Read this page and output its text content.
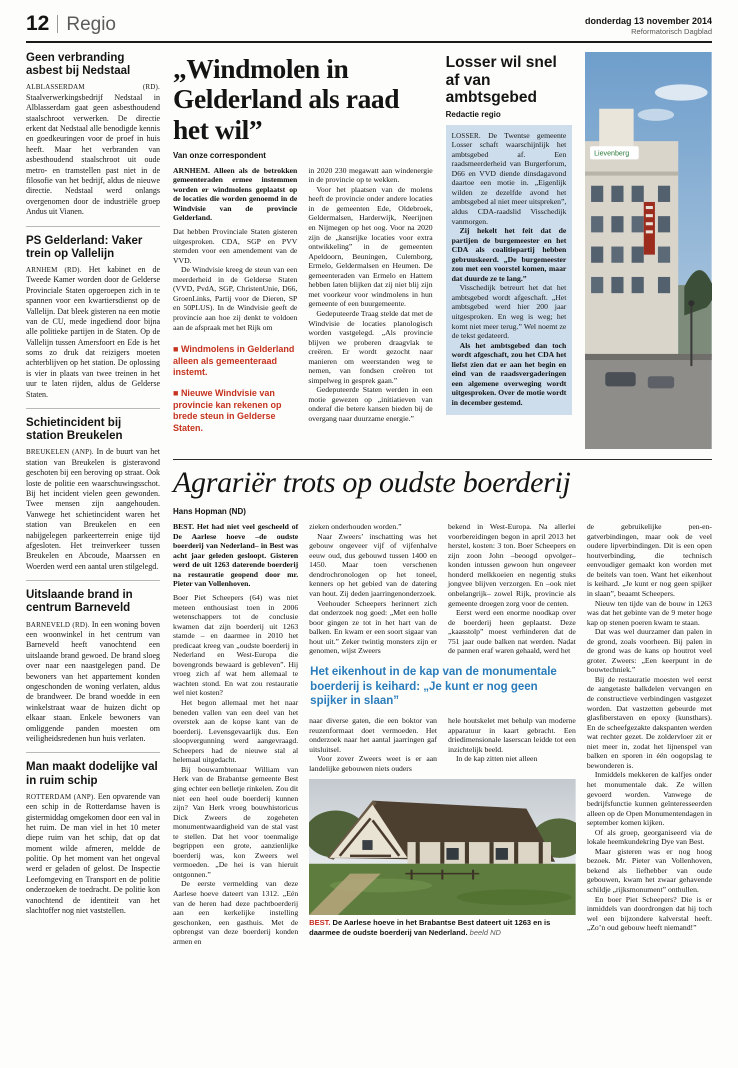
12 Regio	donderdag 13 november 2014
Reformatorisch Dagblad
Geen verbranding asbest bij Nedstaal

ALBLASSERDAM (RD). Staalverwerkingsbedrijf Nedstaal in Alblasserdam gaat geen asbesthoudend staalschroot verwerken. De directie erkent dat Nedstaal alle benodigde kennis en goedkeuringen voor de proef in huis heeft. Maar het verbranden van asbesthoudend staalschroot uit oude metro- en tramstellen past niet in de filosofie van het bedrijf, aldus de nieuwe directie. Nedstaal werd onlangs overgenomen door de industriële groep Andus uit Vianen.

PS Gelderland: Vaker trein op Vallelijn

ARNHEM (RD). Het kabinet en de Tweede Kamer worden door de Gelderse Provinciale Staten opgeroepen zich in te spannen voor een kwartiersdienst op de Vallelijn. Dat bleek gisteren na een motie van de CU, mede ingediend door bijna alle politieke partijen in de Staten. Op de Vallelijn tussen Amersfoort en Ede is het soms zo druk dat reizigers moeten achterblijven op het station. De oplossing is vier in plaats van twee treinen in het uur te laten rijden, aldus de Gelderse Staten.

Schietincident bij station Breukelen

BREUKELEN (ANP). In de buurt van het station van Breukelen is gisteravond geschoten bij een beroving op straat. Ook loste de politie een waarschuwingsschot. Bij het incident vielen geen gewonden. Twee mensen zijn aangehouden. Vanwege het schietincident waren het station van Breukelen en een nabijgelegen parkeerterrein enige tijd afgesloten. Het treinverkeer tussen Breukelen en Abcoude, Maarssen en Woerden werd een aantal uren stilgelegd.

Uitslaande brand in centrum Barneveld

BARNEVELD (RD). In een woning boven een woonwinkel in het centrum van Barneveld heeft vanochtend een uitslaande brand gewoed. De brand sloeg over naar een naastgelegen pand. De bewoners van het appartement konden ongeschonden de woning verlaten, aldus de brandweer. De brand woedde in een winkelstraat waar de huizen dicht op elkaar staan. Enkele bewoners van omliggende panden moesten om veiligheidsredenen hun huis verlaten.

Man maakt dodelijke val in ruim schip

ROTTERDAM (ANP). Een opvarende van een schip in de Rotterdamse haven is gistermiddag omgekomen door een val in het ruim. De man viel in het 10 meter diepe ruim van het schip, dat op dat moment wilde afmeren, meldde de politie. Op het moment van het ongeval werd er geladen of gelost. De Inspectie Leefomgeving en Transport en de politie onderzoeken de toedracht. De politie kon vanochtend de identiteit van het slachtoffer nog niet vaststellen.

„Windmolen in Gelderland als raad het wil”
Van onze correspondent

ARNHEM. Alleen als de betrokken gemeenteraden ermee instemmen worden er windmolens geplaatst op de locaties die worden genoemd in de Windvisie van de provincie Gelderland.

Dat hebben Provinciale Staten gisteren uitgesproken. CDA, SGP en PVV stemden voor een amendement van de VVD.

De Windvisie kreeg de steun van een meerderheid in de Gelderse Staten (VVD, PvdA, SGP, ChristenUnie, D66, GroenLinks, Partij voor de Dieren, SP en 50PLUS). In de Windvisie geeft de provincie aan hoe zij denkt te voldoen aan de afspraak met het Rijk om

■ Windmolens in Gelderland alleen als gemeenteraad instemt.

■ Nieuwe Windvisie van provincie kan rekenen op brede steun in Gelderse Staten.

in 2020 230 megawatt aan windenergie in de provincie op te wekken.

Voor het plaatsen van de molens heeft de provincie onder andere locaties in de gemeenten Ede, Oldebroek, Geldermalsen, Harderwijk, Neerijnen en Nijmegen op het oog. Voor na 2020 zijn de „kansrijke locaties voor extra ontwikkeling” in de gemeenten Apeldoorn, Beuningen, Culemborg, Ermelo, Geldermalsen en Heumen. De gemeenteraden van Ermelo en Hattem hebben laten blijken dat zij niet blij zijn met voorkeur voor windmolens in hun gemeente of een buurgemeente.

Gedeputeerde Traag stelde dat met de Windvisie de locaties planologisch worden vastgelegd. „Als provincie blijven we proberen draagvlak te creëren. Er wordt gezocht naar manieren om weerstanden weg te nemen, van fondsen creëren tot simpelweg in gesprek gaan.”

Gedeputeerde Staten werden in een motie gewezen op „initiatieven van onderaf die betere kansen bieden bij de overgang naar duurzame energie.”

Losser wil snel af van ambtsgebed
Redactie regio

LOSSER. De Twentse gemeente Losser schaft waarschijnlijk het ambtsgebed af. Een raadsmeerderheid van Burgerforum, D66 en VVD diende dinsdagavond daartoe een motie in. „Eigenlijk wilden ze dezelfde avond het ambtsgebed al niet meer uitspreken”, aldus CDA-raadslid Visschedijk vanmorgen.

Zij hekelt het feit dat de partijen de burgemeester en het CDA als coalitiepartij hebben gebruuskeerd. „De burgemeester zou met een voorstel komen, maar dat duurde ze te lang.”

Visschedijk betreurt het dat het ambtsgebed wordt afgeschaft. „Het ambtsgebed werd hier 200 jaar uitgesproken. En weg is weg; het komt niet meer terug.” Wel noemt ze de tekst gedateerd.

Als het ambtsgebed dan toch wordt afgeschaft, zou het CDA het liefst zien dat er aan het begin en eind van de raadsvergaderingen een algemene overweging wordt uitgesproken. Over de motie wordt in december gestemd.

Lievenberg
Agrariër trots op oudste boerderij
Hans Hopman (ND)

BEST. Het had niet veel gescheeld of De Aarlese hoeve –de oudste boerderij van Nederland– in Best was acht jaar geleden gesloopt. Gisteren werd de uit 1263 daterende boerderij na restauratie geopend door mr. Pieter van Vollenhoven.

Boer Piet Scheepers (64) was niet meteen enthousiast toen in 2006 wetenschappers tot de conclusie kwamen dat zijn boerderij uit 1263 stamde – en daarmee in 2010 het predicaat kreeg van „oudste boerderij in Nederland en West-Europa die bovengronds bewaard is gebleven”. Hij vroeg zich af wat hem allemaal te wachten stond. En wat zou restauratie wel niet kosten?

Het begon allemaal met het naar beneden vallen van een deel van het overstek aan de kopse kant van de boerderij. Levensgevaarlijk dus. Een sloopvergunning werd aangevraagd. Scheepers had de nieuwe stal al helemaal uitgedacht.

Bij bouwambtenaar William van Herk van de Brabantse gemeente Best ging echter een belletje rinkelen. Zou dit niet een heel oude boerderij kunnen zijn? Van Herk vroeg bouwhistoricus Dick Zweers de zogeheten monumentwaardigheid van de stal vast te stellen. Dat het voor toenmalige begrippen een grote, aanzienlijke boerderij was, kon Zweers wel vermoeden. „De hei is van hieruit ontgonnen.”

De eerste vermelding van deze Aarlese hoeve dateert van 1312. „Eén van de heren had deze pachtboerderij aan een kerkelijke instelling geschonken, een gasthuis. Met de opbrengst van deze boerderij konden armen en

zieken onderhouden worden.”

Naar Zweers’ inschatting was het gebouw ongeveer vijf of vijfenhalve eeuw oud, dus gebouwd tussen 1400 en 1450. Maar toen verschenen dendrochronologen op het toneel, kenners op het gebied van de datering van hout. Zij deden jaarringenonderzoek.

Veehouder Scheepers herinnert zich dat onderzoek nog goed: „Met een holle boor gingen ze tot in het hart van de balken. En kwam er een soort sigaar van hout uit.” Zeker twintig monsters zijn er genomen, wijst Zweers

bekend in West-Europa. Na allerlei voorbereidingen begon in april 2013 het herstel, kosten: 3 ton. Boer Scheepers en zijn zoon John –beoogd opvolger– konden intussen gewoon hun ongeveer honderd melkkoeien en negentig stuks jongvee blijven verzorgen. En –ook niet onbelangrijk– zowel Rijk, provincie als gemeente droegen zorg voor de centen.

Eerst werd een enorme noodkap over de boerderij heen geplaatst. Deze „kaasstolp” moest verhinderen dat de 751 jaar oude balken nat werden. Nadat de pannen eraf waren gehaald, werd het

Het eikenhout in de kap van de monumentale boerderij is keihard: „Je kunt er nog geen spijker in slaan”

naar diverse gaten, die een boktor van reuzenformaat doet vermoeden. Het onderzoek naar het aantal jaarringen gaf uitsluitsel.

Voor zover Zweers weet is er aan landelijke gebouwen niets ouders

hele houtskelet met behulp van moderne apparatuur in kaart gebracht. Een driedimensionale laserscan leidde tot een inzichtelijk beeld.

In de kap zitten niet alleen

BEST. De Aarlese hoeve in het Brabantse Best dateert uit 1263 en is daarmee de oudste boerderij van Nederland. beeld ND

de gebruikelijke pen-en-gatverbindingen, maar ook de veel oudere lipverbindingen. Dit is een open houtverbinding, die technisch eenvoudiger gemaakt kon worden met de beitels van toen. Want het eikenhout is keihard. „Je kunt er nog geen spijker in slaan”, beaamt Scheepers.

Nieuw ten tijde van de bouw in 1263 was dat het gebinte van de 9 meter hoge kap op stenen poeren kwam te staan.

Dat was wel duurzamer dan palen in de grond, zoals voorheen. Bij palen in de grond was de kans op houtrot veel groter. Zweers: „Een keerpunt in de bouwtechniek.”

Bij de restauratie moesten wel eerst de aangetaste balkdelen vervangen en de constructieve verbindingen vastgezet worden. Dat vastzetten gebeurde met glasfiberstaven en epoxy (kunsthars). En de scheefgezakte dakspanten werden wat rechter gezet. De zoldervloer zit er niet meer in, zodat het lijnenspel van balken en sporen in één oogopslag te bewonderen is.

Inmiddels mekkeren de kalfjes onder het monumentale dak. Ze willen gevoerd worden. Vanwege de bedrijfsfunctie kunnen geïnteresseerden alleen op de Open Monumentendagen in september komen kijken.

Of als groep, georganiseerd via de lokale heemkundekring Dye van Best.

Maar gisteren was er nog hoog bezoek. Mr. Pieter van Vollenhoven, bekend als liefhebber van oude gebouwen, kwam het zwaar gehavende schildje „rijksmonument” onthullen.

En boer Piet Scheepers? Die is er inmiddels van doordrongen dat hij toch wel een bijzondere kalverstal heeft. „Zo’n oud gebouw heeft niemand!”
